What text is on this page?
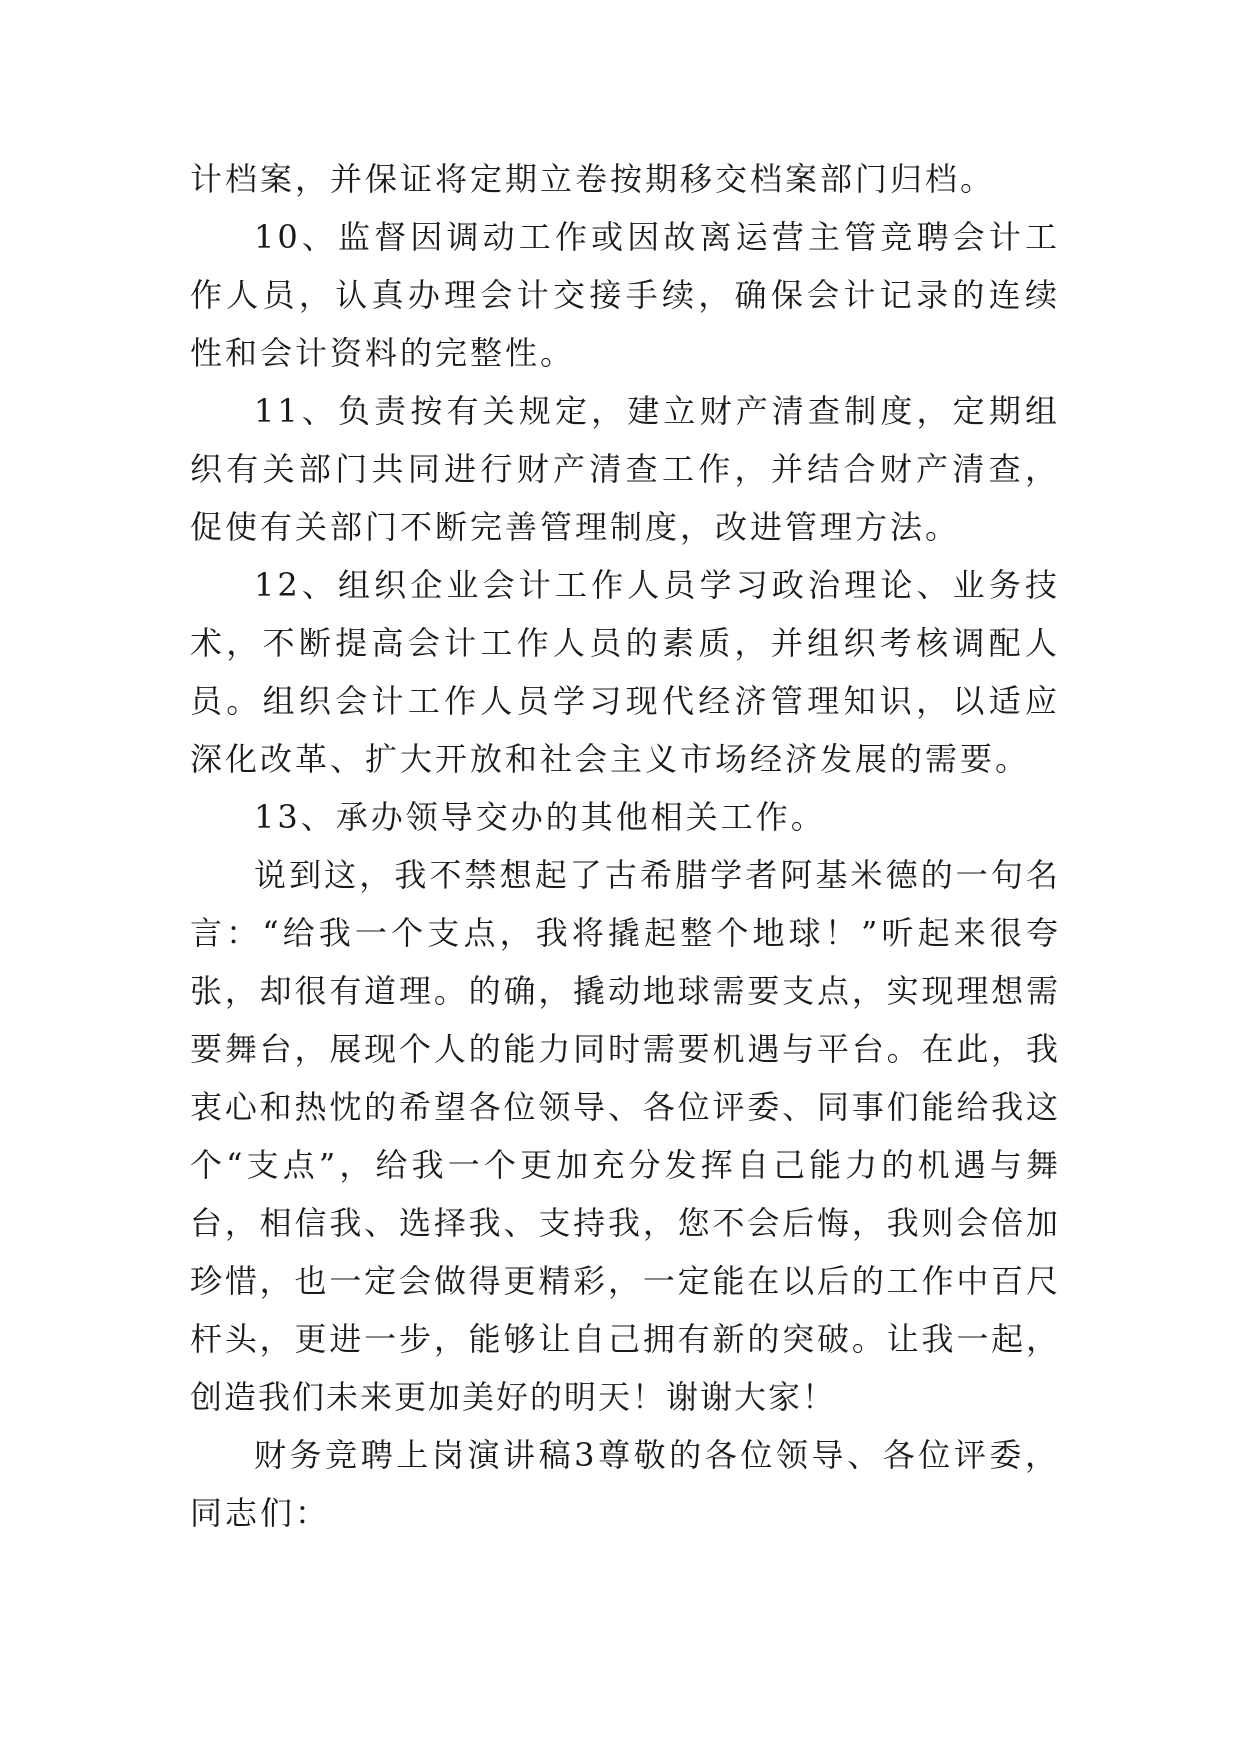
计档案，并保证将定期立卷按期移交档案部门归档。

10、监督因调动工作或因故离运营主管竞聘会计工作人员，认真办理会计交接手续，确保会计记录的连续性和会计资料的完整性。

11、负责按有关规定，建立财产清查制度，定期组织有关部门共同进行财产清查工作，并结合财产清查，促使有关部门不断完善管理制度，改进管理方法。

12、组织企业会计工作人员学习政治理论、业务技术，不断提高会计工作人员的素质，并组织考核调配人员。组织会计工作人员学习现代经济管理知识，以适应深化改革、扩大开放和社会主义市场经济发展的需要。

13、承办领导交办的其他相关工作。

说到这，我不禁想起了古希腊学者阿基米德的一句名言：“给我一个支点，我将撬起整个地球！”听起来很夸张，却很有道理。的确，撬动地球需要支点，实现理想需要舞台，展现个人的能力同时需要机遇与平台。在此，我衷心和热忱的希望各位领导、各位评委、同事们能给我这个“支点”，给我一个更加充分发挥自己能力的机遇与舞台，相信我、选择我、支持我，您不会后悔，我则会倍加珍惜，也一定会做得更精彩，一定能在以后的工作中百尺杆头，更进一步，能够让自己拥有新的突破。让我一起，创造我们未来更加美好的明天！谢谢大家！

财务竞聘上岗演讲稿3尊敬的各位领导、各位评委，同志们：
